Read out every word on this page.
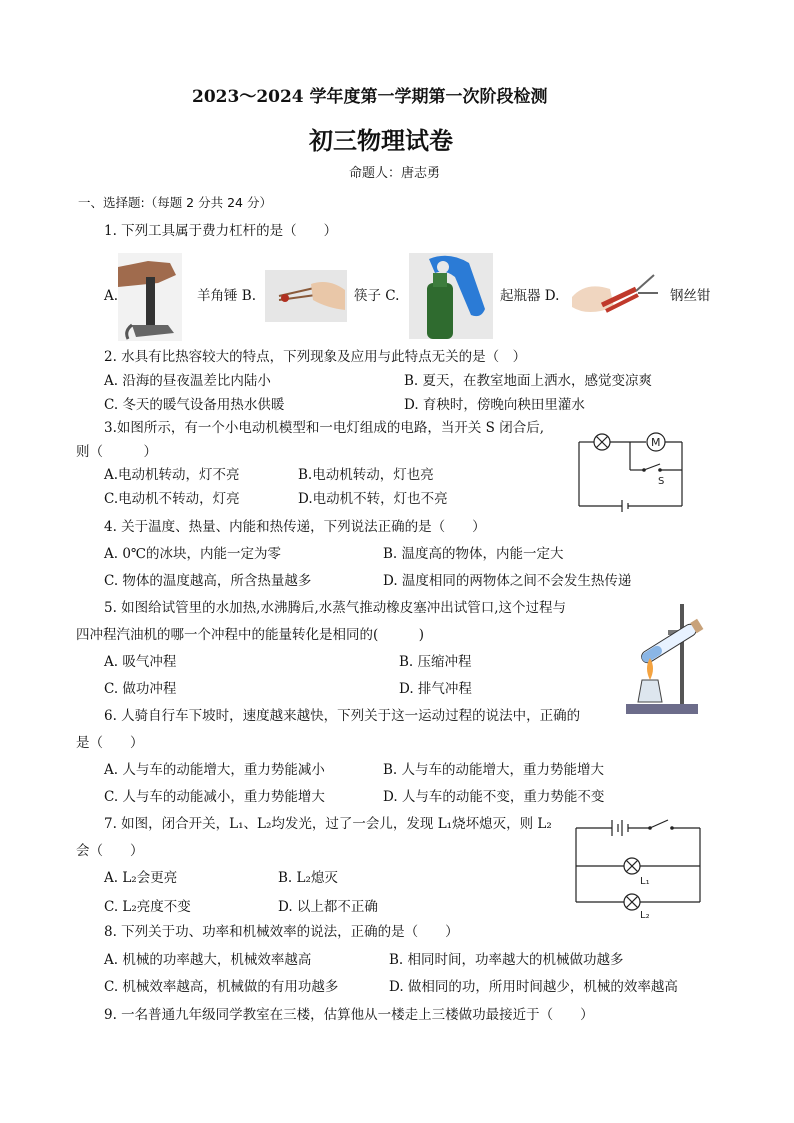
2023～2024 学年度第一学期第一次阶段检测
初三物理试卷
命题人：唐志勇
一、选择题:（每题 2 分共 24 分）
1. 下列工具属于费力杠杆的是（　　）
A.	羊角锤 B.	筷子 C.	起瓶器 D.	钢丝钳
2. 水具有比热容较大的特点，下列现象及应用与此特点无关的是（　）
A. 沿海的昼夜温差比内陆小	B. 夏天，在教室地面上洒水，感觉变凉爽
C. 冬天的暖气设备用热水供暖	D. 育秧时，傍晚向秧田里灌水
3.如图所示，有一个小电动机模型和一电灯组成的电路，当开关 S 闭合后,
则（　　　）
A.电动机转动，灯不亮	B.电动机转动，灯也亮
C.电动机不转动，灯亮	D.电动机不转，灯也不亮
M
S
4. 关于温度、热量、内能和热传递，下列说法正确的是（　　）
A. 0℃的冰块，内能一定为零	B. 温度高的物体，内能一定大
C. 物体的温度越高，所含热量越多	D. 温度相同的两物体之间不会发生热传递
5. 如图给试管里的水加热,水沸腾后,水蒸气推动橡皮塞冲出试管口,这个过程与
四冲程汽油机的哪一个冲程中的能量转化是相同的(　　　)
A. 吸气冲程	B. 压缩冲程
C. 做功冲程	D. 排气冲程
6. 人骑自行车下坡时，速度越来越快，下列关于这一运动过程的说法中，正确的
是（　　）
A. 人与车的动能增大，重力势能减小	B. 人与车的动能增大，重力势能增大
C. 人与车的动能减小，重力势能增大	D. 人与车的动能不变，重力势能不变
7. 如图，闭合开关，L₁、L₂均发光，过了一会儿，发现 L₁烧坏熄灭，则 L₂
会（　　）
A. L₂会更亮	B. L₂熄灭
C. L₂亮度不变	D. 以上都不正确
L₁
L₂
8. 下列关于功、功率和机械效率的说法，正确的是（　　）
A. 机械的功率越大，机械效率越高	B. 相同时间，功率越大的机械做功越多
C. 机械效率越高，机械做的有用功越多	D. 做相同的功，所用时间越少，机械的效率越高
9. 一名普通九年级同学教室在三楼，估算他从一楼走上三楼做功最接近于（　　）
